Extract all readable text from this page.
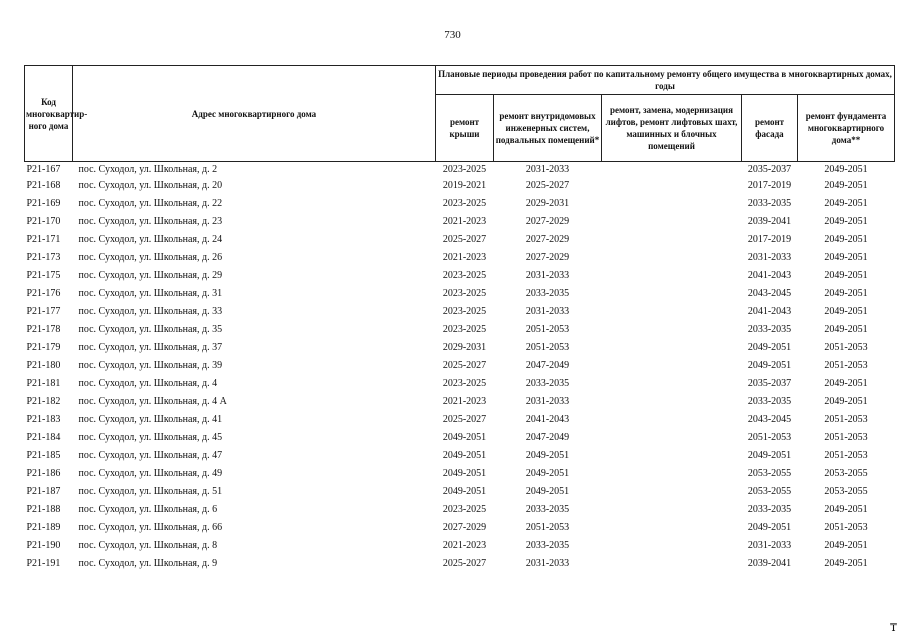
730
Код многоквартир-ного дома	Адрес многоквартирного дома	Плановые периоды проведения работ по капитальному ремонту общего имущества в многоквартирных домах, годы				
		ремонт крыши	ремонт внутридомовых инженерных систем, подвальных помещений*	ремонт, замена, модернизация лифтов, ремонт лифтовых шахт, машинных и блочных помещений	ремонт фасада	ремонт фундамента многоквартирного дома**
Р21-167	пос. Суходол, ул. Школьная, д. 2	2023-2025	2031-2033		2035-2037	2049-2051
Р21-168	пос. Суходол, ул. Школьная, д. 20	2019-2021	2025-2027		2017-2019	2049-2051
Р21-169	пос. Суходол, ул. Школьная, д. 22	2023-2025	2029-2031		2033-2035	2049-2051
Р21-170	пос. Суходол, ул. Школьная, д. 23	2021-2023	2027-2029		2039-2041	2049-2051
Р21-171	пос. Суходол, ул. Школьная, д. 24	2025-2027	2027-2029		2017-2019	2049-2051
Р21-173	пос. Суходол, ул. Школьная, д. 26	2021-2023	2027-2029		2031-2033	2049-2051
Р21-175	пос. Суходол, ул. Школьная, д. 29	2023-2025	2031-2033		2041-2043	2049-2051
Р21-176	пос. Суходол, ул. Школьная, д. 31	2023-2025	2033-2035		2043-2045	2049-2051
Р21-177	пос. Суходол, ул. Школьная, д. 33	2023-2025	2031-2033		2041-2043	2049-2051
Р21-178	пос. Суходол, ул. Школьная, д. 35	2023-2025	2051-2053		2033-2035	2049-2051
Р21-179	пос. Суходол, ул. Школьная, д. 37	2029-2031	2051-2053		2049-2051	2051-2053
Р21-180	пос. Суходол, ул. Школьная, д. 39	2025-2027	2047-2049		2049-2051	2051-2053
Р21-181	пос. Суходол, ул. Школьная, д. 4	2023-2025	2033-2035		2035-2037	2049-2051
Р21-182	пос. Суходол, ул. Школьная, д. 4 А	2021-2023	2031-2033		2033-2035	2049-2051
Р21-183	пос. Суходол, ул. Школьная, д. 41	2025-2027	2041-2043		2043-2045	2051-2053
Р21-184	пос. Суходол, ул. Школьная, д. 45	2049-2051	2047-2049		2051-2053	2051-2053
Р21-185	пос. Суходол, ул. Школьная, д. 47	2049-2051	2049-2051		2049-2051	2051-2053
Р21-186	пос. Суходол, ул. Школьная, д. 49	2049-2051	2049-2051		2053-2055	2053-2055
Р21-187	пос. Суходол, ул. Школьная, д. 51	2049-2051	2049-2051		2053-2055	2053-2055
Р21-188	пос. Суходол, ул. Школьная, д. 6	2023-2025	2033-2035		2033-2035	2049-2051
Р21-189	пос. Суходол, ул. Школьная, д. 66	2027-2029	2051-2053		2049-2051	2051-2053
Р21-190	пос. Суходол, ул. Школьная, д. 8	2021-2023	2033-2035		2031-2033	2049-2051
Р21-191	пос. Суходол, ул. Школьная, д. 9	2025-2027	2031-2033		2039-2041	2049-2051
₸
